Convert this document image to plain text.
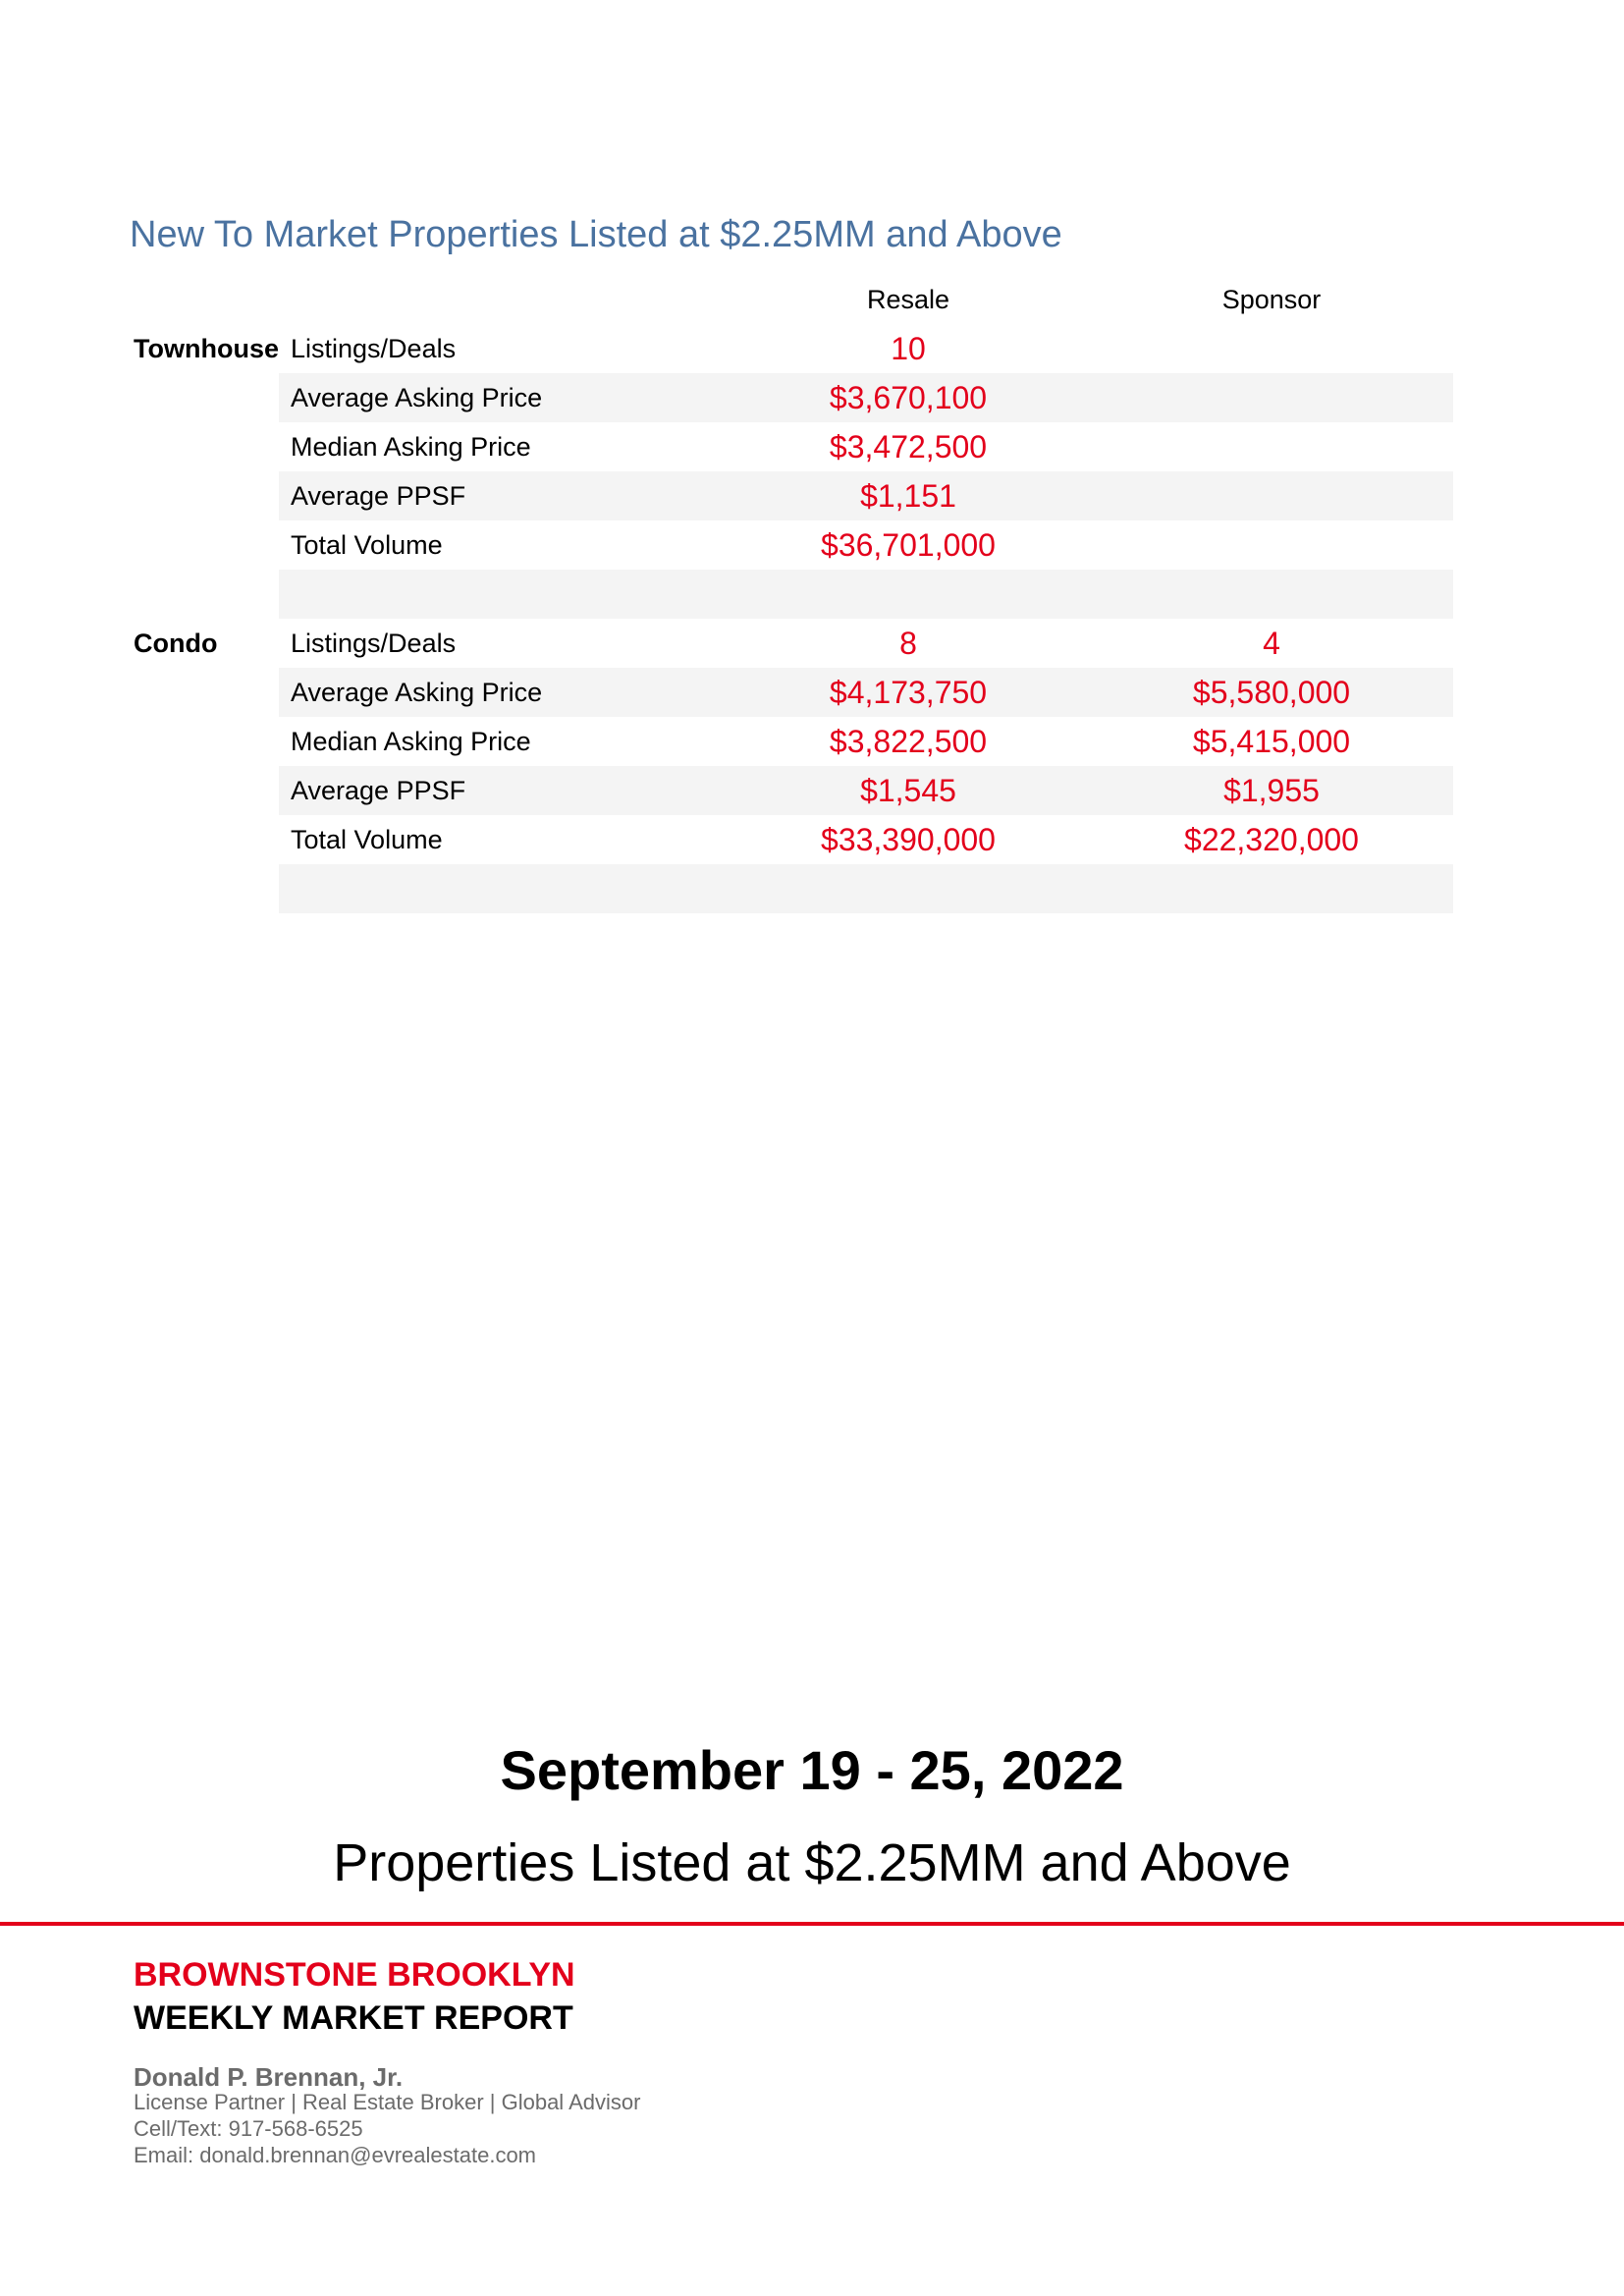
New To Market Properties Listed at $2.25MM and Above
Resale	Sponsor
Townhouse Listings/Deals	10
Average Asking Price	$3,670,100
Median Asking Price	$3,472,500
Average PPSF	$1,151
Total Volume	$36,701,000
Condo	Listings/Deals	8	4
Average Asking Price	$4,173,750	$5,580,000
Median Asking Price	$3,822,500	$5,415,000
Average PPSF	$1,545	$1,955
Total Volume	$33,390,000	$22,320,000
September 19 - 25, 2022
Properties Listed at $2.25MM and Above
BROWNSTONE BROOKLYN
WEEKLY MARKET REPORT
Donald P. Brennan, Jr.
License Partner | Real Estate Broker | Global Advisor
Cell/Text: 917-568-6525
Email: donald.brennan@evrealestate.com
